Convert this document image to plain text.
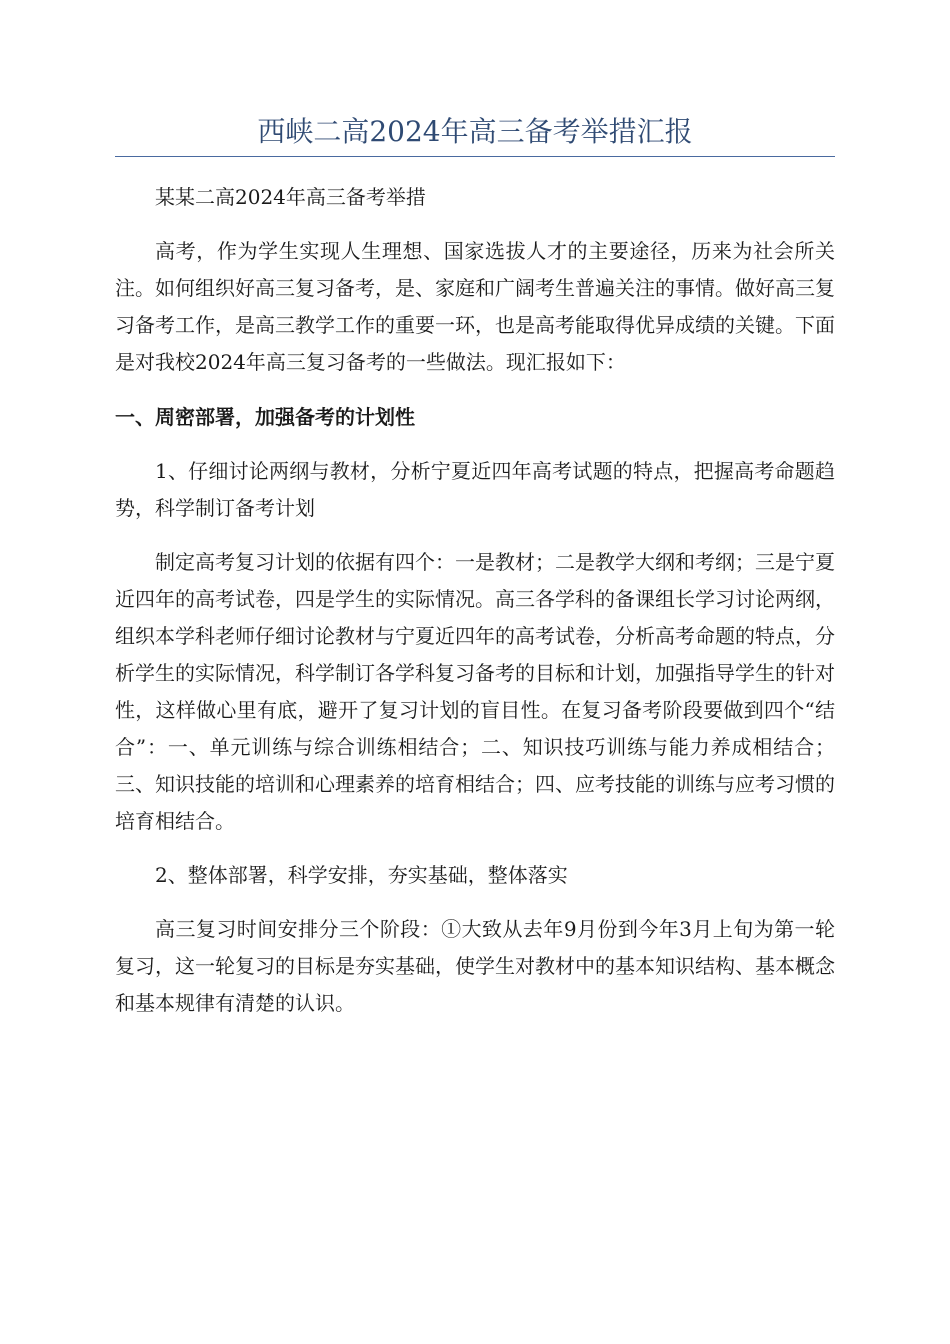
西峡二高2024年高三备考举措汇报

某某二高2024年高三备考举措

高考，作为学生实现人生理想、国家选拔人才的主要途径，历来为社会所关注。如何组织好高三复习备考，是、家庭和广阔考生普遍关注的事情。做好高三复习备考工作，是高三教学工作的重要一环，也是高考能取得优异成绩的关键。下面是对我校2024年高三复习备考的一些做法。现汇报如下：

一、周密部署，加强备考的计划性

1、仔细讨论两纲与教材，分析宁夏近四年高考试题的特点，把握高考命题趋势，科学制订备考计划

制定高考复习计划的依据有四个：一是教材；二是教学大纲和考纲；三是宁夏近四年的高考试卷，四是学生的实际情况。高三各学科的备课组长学习讨论两纲，组织本学科老师仔细讨论教材与宁夏近四年的高考试卷，分析高考命题的特点，分析学生的实际情况，科学制订各学科复习备考的目标和计划，加强指导学生的针对性，这样做心里有底，避开了复习计划的盲目性。在复习备考阶段要做到四个“结合”：一、单元训练与综合训练相结合；二、知识技巧训练与能力养成相结合；三、知识技能的培训和心理素养的培育相结合；四、应考技能的训练与应考习惯的培育相结合。

2、整体部署，科学安排，夯实基础，整体落实

高三复习时间安排分三个阶段：①大致从去年9月份到今年3月上旬为第一轮复习，这一轮复习的目标是夯实基础，使学生对教材中的基本知识结构、基本概念和基本规律有清楚的认识。
